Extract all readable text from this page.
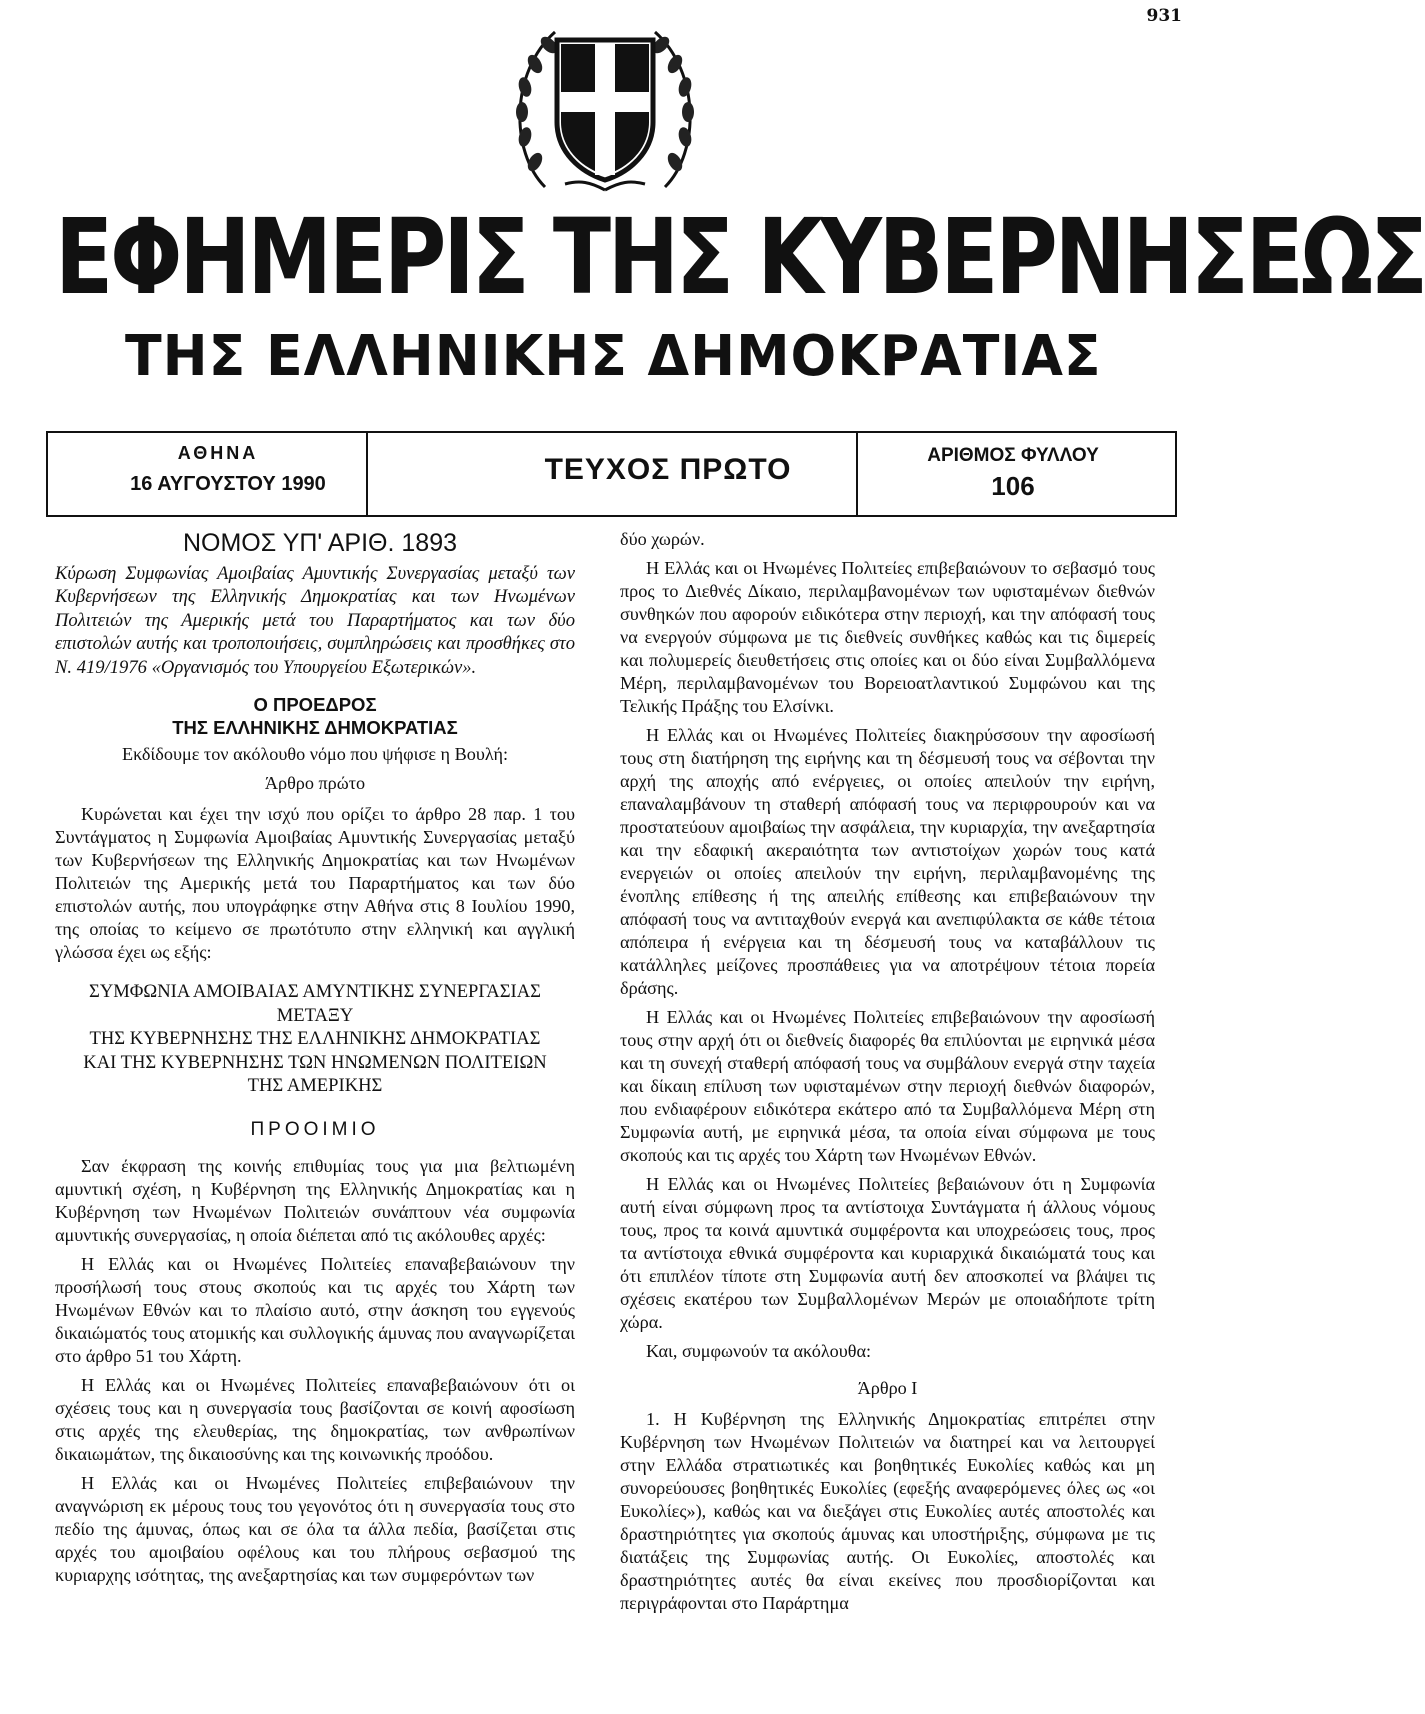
931
ΕΦΗΜΕΡΙΣ ΤΗΣ ΚΥΒΕΡΝΗΣΕΩΣ
ΤΗΣ ΕΛΛΗΝΙΚΗΣ ΔΗΜΟΚΡΑΤΙΑΣ
ΑΘΗΝΑ
16 ΑΥΓΟΥΣΤΟΥ 1990	ΤΕΥΧΟΣ ΠΡΩΤΟ	ΑΡΙΘΜΟΣ ΦΥΛΛΟΥ
106
ΝΟΜΟΣ ΥΠ' ΑΡΙΘ. 1893

Κύρωση Συμφωνίας Αμοιβαίας Αμυντικής Συνεργασίας μεταξύ των Κυβερνήσεων της Ελληνικής Δημοκρατίας και των Ηνωμένων Πολιτειών της Αμερικής μετά του Παραρτήματος και των δύο επιστολών αυτής και τροποποιήσεις, συμπληρώσεις και προσθήκες στο Ν. 419/1976 «Οργανισμός του Υπουργείου Εξωτερικών».

Ο ΠΡΟΕΔΡΟΣ

ΤΗΣ ΕΛΛΗΝΙΚΗΣ ΔΗΜΟΚΡΑΤΙΑΣ

Εκδίδουμε τον ακόλουθο νόμο που ψήφισε η Βουλή:

Άρθρο πρώτο

Κυρώνεται και έχει την ισχύ που ορίζει το άρθρο 28 παρ. 1 του Συντάγματος η Συμφωνία Αμοιβαίας Αμυντικής Συνεργασίας μεταξύ των Κυβερνήσεων της Ελληνικής Δημοκρατίας και των Ηνωμένων Πολιτειών της Αμερικής μετά του Παραρτήματος και των δύο επιστολών αυτής, που υπογράφηκε στην Αθήνα στις 8 Ιουλίου 1990, της οποίας το κείμενο σε πρωτότυπο στην ελληνική και αγγλική γλώσσα έχει ως εξής:

ΣΥΜΦΩΝΙΑ ΑΜΟΙΒΑΙΑΣ ΑΜΥΝΤΙΚΗΣ ΣΥΝΕΡΓΑΣΙΑΣ
ΜΕΤΑΞΥ
ΤΗΣ ΚΥΒΕΡΝΗΣΗΣ ΤΗΣ ΕΛΛΗΝΙΚΗΣ ΔΗΜΟΚΡΑΤΙΑΣ
ΚΑΙ ΤΗΣ ΚΥΒΕΡΝΗΣΗΣ ΤΩΝ ΗΝΩΜΕΝΩΝ ΠΟΛΙΤΕΙΩΝ
ΤΗΣ ΑΜΕΡΙΚΗΣ
ΠΡΟΟΙΜΙΟ

Σαν έκφραση της κοινής επιθυμίας τους για μια βελτιωμένη αμυντική σχέση, η Κυβέρνηση της Ελληνικής Δημοκρατίας και η Κυβέρνηση των Ηνωμένων Πολιτειών συνάπτουν νέα συμφωνία αμυντικής συνεργασίας, η οποία διέπεται από τις ακόλουθες αρχές:

Η Ελλάς και οι Ηνωμένες Πολιτείες επαναβεβαιώνουν την προσήλωσή τους στους σκοπούς και τις αρχές του Χάρτη των Ηνωμένων Εθνών και το πλαίσιο αυτό, στην άσκηση του εγγενούς δικαιώματός τους ατομικής και συλλογικής άμυνας που αναγνωρίζεται στο άρθρο 51 του Χάρτη.

Η Ελλάς και οι Ηνωμένες Πολιτείες επαναβεβαιώνουν ότι οι σχέσεις τους και η συνεργασία τους βασίζονται σε κοινή αφοσίωση στις αρχές της ελευθερίας, της δημοκρατίας, των ανθρωπίνων δικαιωμάτων, της δικαιοσύνης και της κοινωνικής προόδου.

Η Ελλάς και οι Ηνωμένες Πολιτείες επιβεβαιώνουν την αναγνώριση εκ μέρους τους του γεγονότος ότι η συνεργασία τους στο πεδίο της άμυνας, όπως και σε όλα τα άλλα πεδία, βασίζεται στις αρχές του αμοιβαίου οφέλους και του πλήρους σεβασμού της κυριαρχης ισότητας, της ανεξαρτησίας και των συμφερόντων των

δύο χωρών.

Η Ελλάς και οι Ηνωμένες Πολιτείες επιβεβαιώνουν το σεβασμό τους προς το Διεθνές Δίκαιο, περιλαμβανομένων των υφισταμένων διεθνών συνθηκών που αφορούν ειδικότερα στην περιοχή, και την απόφασή τους να ενεργούν σύμφωνα με τις διεθνείς συνθήκες καθώς και τις διμερείς και πολυμερείς διευθετήσεις στις οποίες και οι δύο είναι Συμβαλλόμενα Μέρη, περιλαμβανομένων του Βορειοατλαντικού Συμφώνου και της Τελικής Πράξης του Ελσίνκι.

Η Ελλάς και οι Ηνωμένες Πολιτείες διακηρύσσουν την αφοσίωσή τους στη διατήρηση της ειρήνης και τη δέσμευσή τους να σέβονται την αρχή της αποχής από ενέργειες, οι οποίες απειλούν την ειρήνη, επαναλαμβάνουν τη σταθερή απόφασή τους να περιφρουρούν και να προστατεύουν αμοιβαίως την ασφάλεια, την κυριαρχία, την ανεξαρτησία και την εδαφική ακεραιότητα των αντιστοίχων χωρών τους κατά ενεργειών οι οποίες απειλούν την ειρήνη, περιλαμβανομένης της ένοπλης επίθεσης ή της απειλής επίθεσης και επιβεβαιώνουν την απόφασή τους να αντιταχθούν ενεργά και ανεπιφύλακτα σε κάθε τέτοια απόπειρα ή ενέργεια και τη δέσμευσή τους να καταβάλλουν τις κατάλληλες μείζονες προσπάθειες για να αποτρέψουν τέτοια πορεία δράσης.

Η Ελλάς και οι Ηνωμένες Πολιτείες επιβεβαιώνουν την αφοσίωσή τους στην αρχή ότι οι διεθνείς διαφορές θα επιλύονται με ειρηνικά μέσα και τη συνεχή σταθερή απόφασή τους να συμβάλουν ενεργά στην ταχεία και δίκαιη επίλυση των υφισταμένων στην περιοχή διεθνών διαφορών, που ενδιαφέρουν ειδικότερα εκάτερο από τα Συμβαλλόμενα Μέρη στη Συμφωνία αυτή, με ειρηνικά μέσα, τα οποία είναι σύμφωνα με τους σκοπούς και τις αρχές του Χάρτη των Ηνωμένων Εθνών.

Η Ελλάς και οι Ηνωμένες Πολιτείες βεβαιώνουν ότι η Συμφωνία αυτή είναι σύμφωνη προς τα αντίστοιχα Συντάγματα ή άλλους νόμους τους, προς τα κοινά αμυντικά συμφέροντα και υποχρεώσεις τους, προς τα αντίστοιχα εθνικά συμφέροντα και κυριαρχικά δικαιώματά τους και ότι επιπλέον τίποτε στη Συμφωνία αυτή δεν αποσκοπεί να βλάψει τις σχέσεις εκατέρου των Συμβαλλομένων Μερών με οποιαδήποτε τρίτη χώρα.

Και, συμφωνούν τα ακόλουθα:

Άρθρο Ι

1. Η Κυβέρνηση της Ελληνικής Δημοκρατίας επιτρέπει στην Κυβέρνηση των Ηνωμένων Πολιτειών να διατηρεί και να λειτουργεί στην Ελλάδα στρατιωτικές και βοηθητικές Ευκολίες καθώς και μη συνορεύουσες βοηθητικές Ευκολίες (εφεξής αναφερόμενες όλες ως «οι Ευκολίες»), καθώς και να διεξάγει στις Ευκολίες αυτές αποστολές και δραστηριότητες για σκοπούς άμυνας και υποστήριξης, σύμφωνα με τις διατάξεις της Συμφωνίας αυτής. Οι Ευκολίες, αποστολές και δραστηριότητες αυτές θα είναι εκείνες που προσδιορίζονται και περιγράφονται στο Παράρτημα
